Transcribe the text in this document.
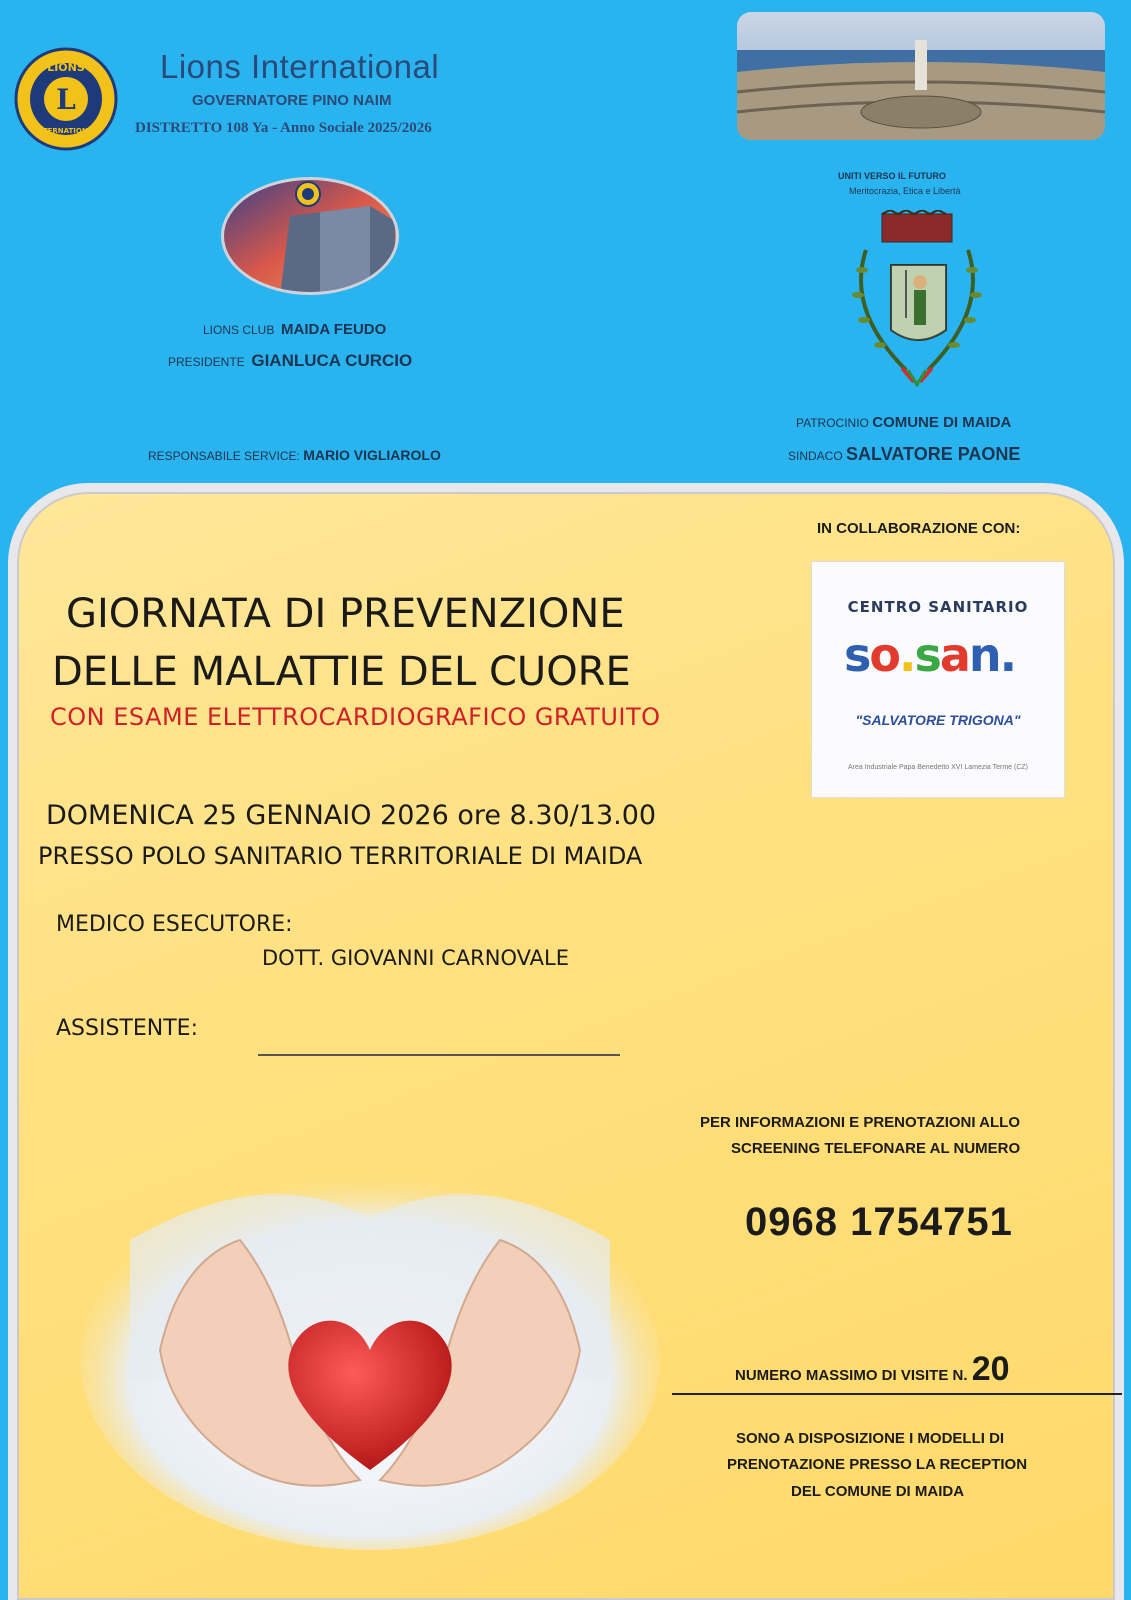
L
LIONS
INTERNATIONAL
Lions International
GOVERNATORE PINO NAIM
DISTRETTO 108 Ya - Anno Sociale 2025/2026
LIONS CLUB MAIDA FEUDO
PRESIDENTE GIANLUCA CURCIO
RESPONSABILE SERVICE: MARIO VIGLIAROLO
UNITI VERSO IL FUTURO
Meritocrazia, Etica e Libertà
PATROCINIO COMUNE DI MAIDA
SINDACO SALVATORE PAONE
IN COLLABORAZIONE CON:
CENTRO SANITARIO
so.san.
"SALVATORE TRIGONA"
Area Industriale Papa Benedetto XVI Lamezia Terme (CZ)
GIORNATA DI PREVENZIONE
DELLE MALATTIE DEL CUORE
CON ESAME ELETTROCARDIOGRAFICO GRATUITO
DOMENICA 25 GENNAIO 2026 ore 8.30/13.00
PRESSO POLO SANITARIO TERRITORIALE DI MAIDA
MEDICO ESECUTORE:
DOTT. GIOVANNI CARNOVALE
ASSISTENTE:
PER INFORMAZIONI E PRENOTAZIONI ALLO
SCREENING TELEFONARE AL NUMERO
0968 1754751
NUMERO MASSIMO DI VISITE N. 20
SONO A DISPOSIZIONE I MODELLI DI
PRENOTAZIONE PRESSO LA RECEPTION
DEL COMUNE DI MAIDA
